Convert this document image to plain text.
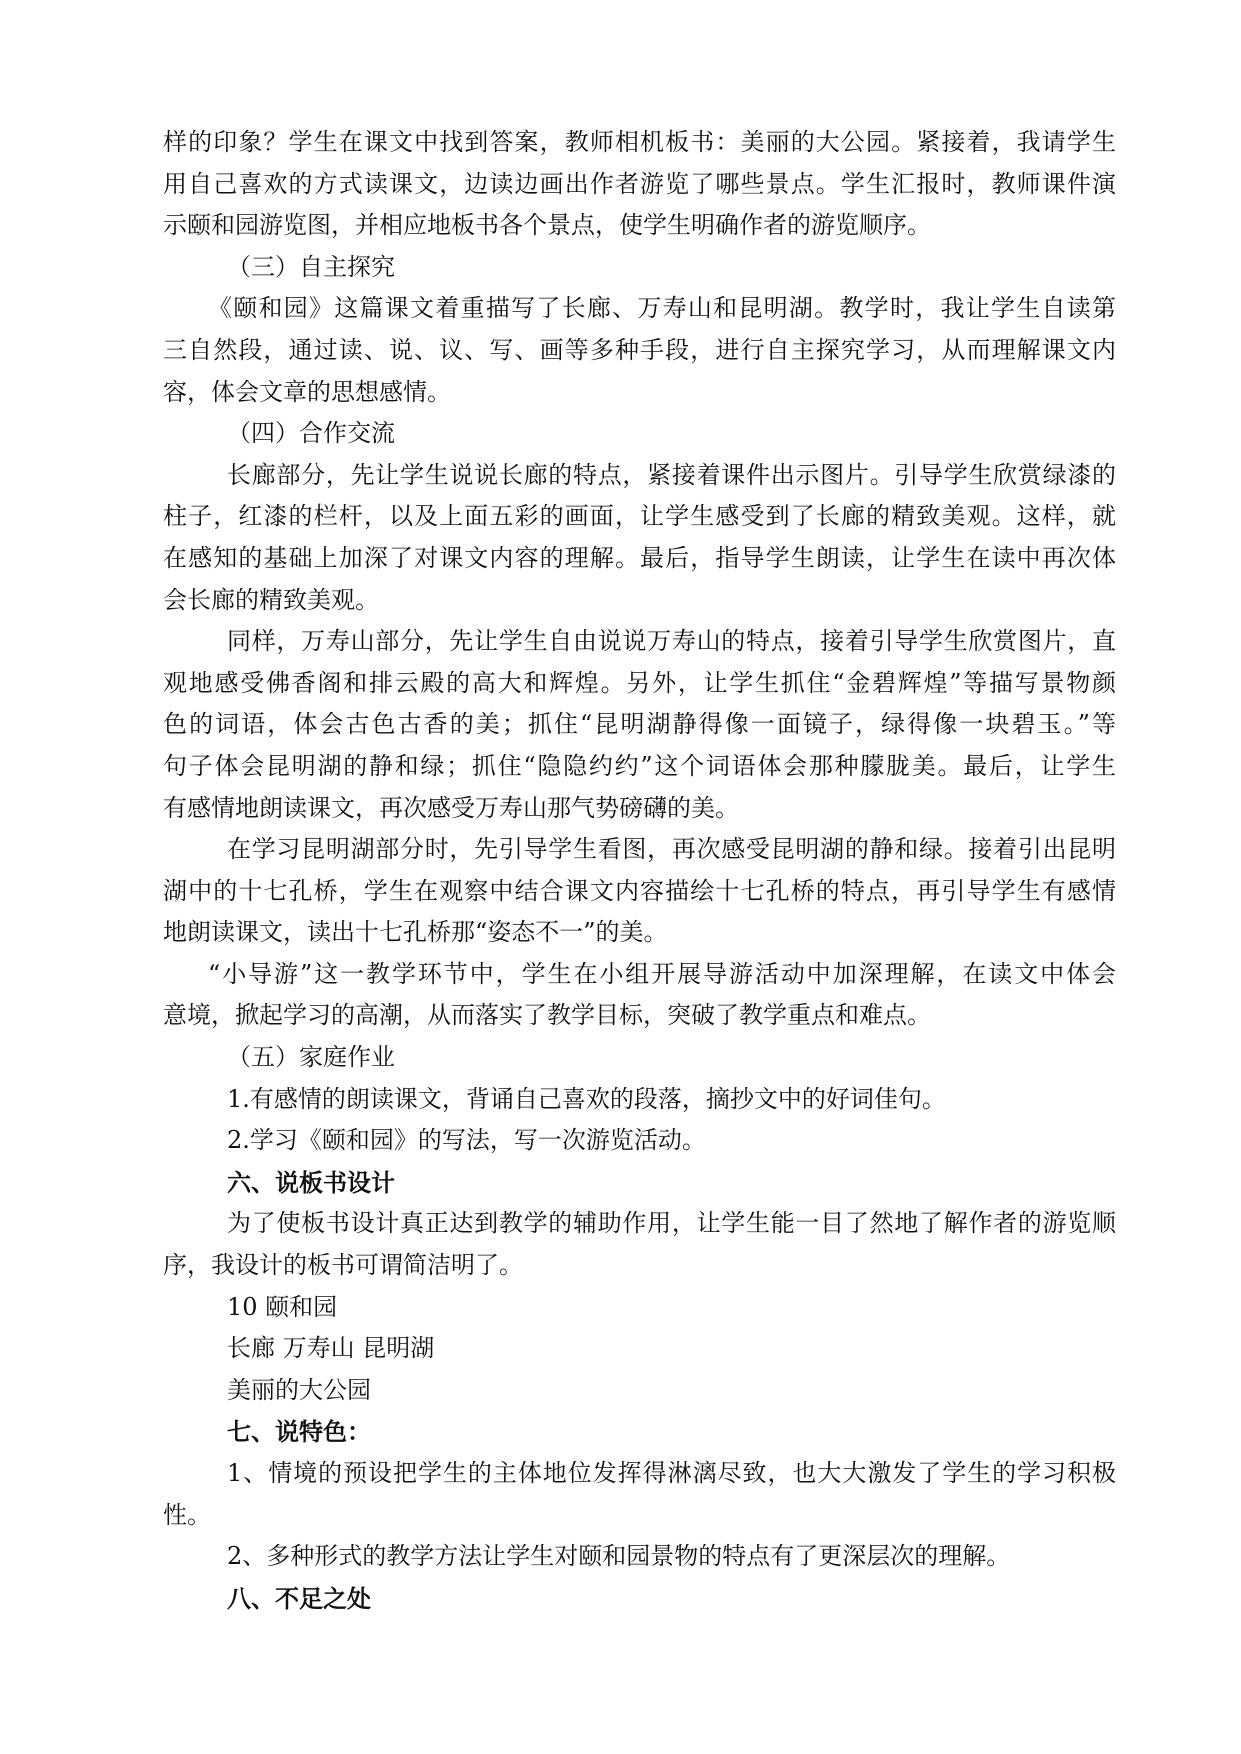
样的印象？学生在课文中找到答案，教师相机板书：美丽的大公园。紧接着，我请学生
用自己喜欢的方式读课文，边读边画出作者游览了哪些景点。学生汇报时，教师课件演
示颐和园游览图，并相应地板书各个景点，使学生明确作者的游览顺序。
（三）自主探究
《颐和园》这篇课文着重描写了长廊、万寿山和昆明湖。教学时，我让学生自读第
三自然段，通过读、说、议、写、画等多种手段，进行自主探究学习，从而理解课文内
容，体会文章的思想感情。
（四）合作交流
长廊部分，先让学生说说长廊的特点，紧接着课件出示图片。引导学生欣赏绿漆的
柱子，红漆的栏杆，以及上面五彩的画面，让学生感受到了长廊的精致美观。这样，就
在感知的基础上加深了对课文内容的理解。最后，指导学生朗读，让学生在读中再次体
会长廊的精致美观。
同样，万寿山部分，先让学生自由说说万寿山的特点，接着引导学生欣赏图片，直
观地感受佛香阁和排云殿的高大和辉煌。另外，让学生抓住“金碧辉煌”等描写景物颜
色的词语，体会古色古香的美；抓住“昆明湖静得像一面镜子，绿得像一块碧玉。”等
句子体会昆明湖的静和绿；抓住“隐隐约约”这个词语体会那种朦胧美。最后，让学生
有感情地朗读课文，再次感受万寿山那气势磅礴的美。
在学习昆明湖部分时，先引导学生看图，再次感受昆明湖的静和绿。接着引出昆明
湖中的十七孔桥，学生在观察中结合课文内容描绘十七孔桥的特点，再引导学生有感情
地朗读课文，读出十七孔桥那“姿态不一”的美。
“小导游”这一教学环节中，学生在小组开展导游活动中加深理解，在读文中体会
意境，掀起学习的高潮，从而落实了教学目标，突破了教学重点和难点。
（五）家庭作业
1.有感情的朗读课文，背诵自己喜欢的段落，摘抄文中的好词佳句。
2.学习《颐和园》的写法，写一次游览活动。
六、说板书设计
为了使板书设计真正达到教学的辅助作用，让学生能一目了然地了解作者的游览顺
序，我设计的板书可谓简洁明了。
10 颐和园
长廊 万寿山 昆明湖
美丽的大公园
七、说特色：
1、情境的预设把学生的主体地位发挥得淋漓尽致，也大大激发了学生的学习积极
性。
2、多种形式的教学方法让学生对颐和园景物的特点有了更深层次的理解。
八、不足之处
